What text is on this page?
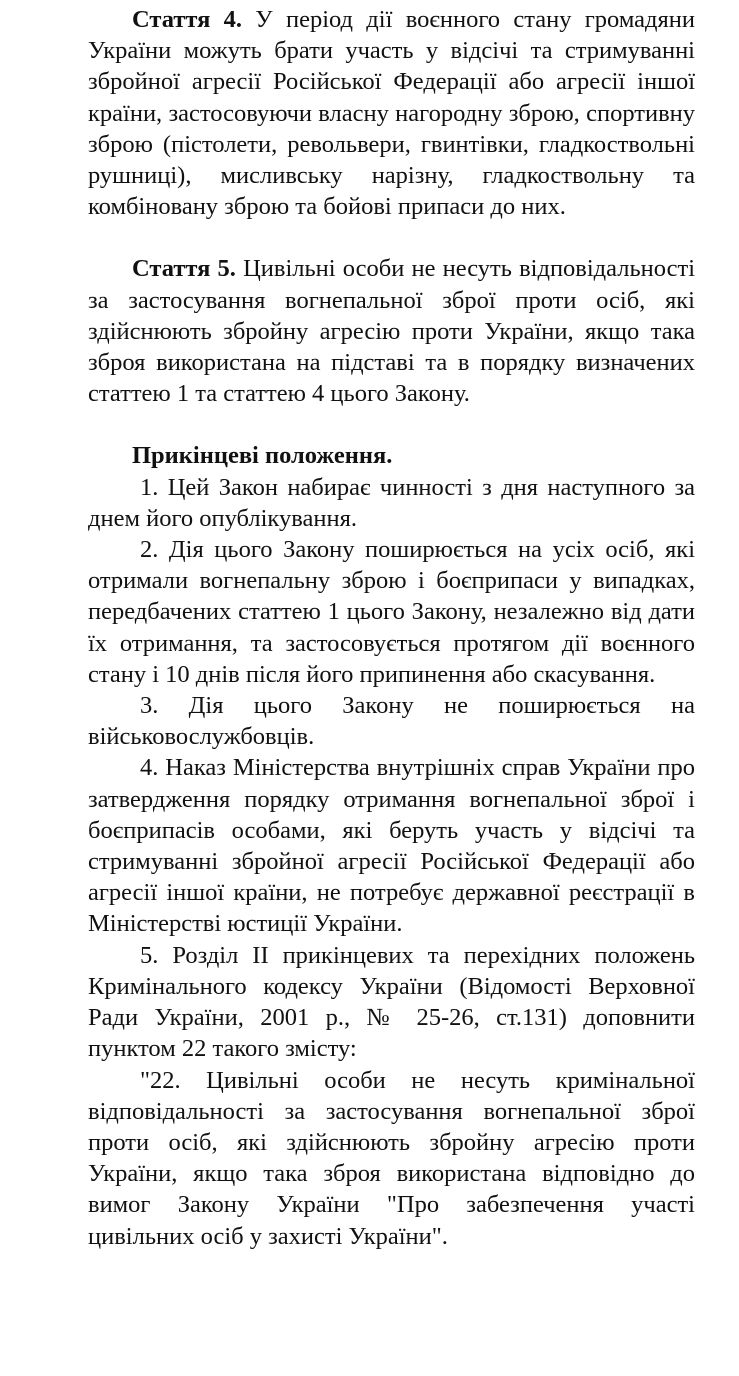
Стаття 4. У період дії воєнного стану громадяни України можуть брати участь у відсічі та стримуванні збройної агресії Російської Федерації або агресії іншої країни, застосовуючи власну нагородну зброю, спортивну зброю (пістолети, револьвери, гвинтівки, гладкоствольні рушниці), мисливську нарізну, гладкоствольну та комбіновану зброю та бойові припаси до них.

Стаття 5. Цивільні особи не несуть відповідальності за застосування вогнепальної зброї проти осіб, які здійснюють збройну агресію проти України, якщо така зброя використана на підставі та в порядку визначених статтею 1 та статтею 4 цього Закону.

Прикінцеві положення.

1. Цей Закон набирає чинності з дня наступного за днем його опублікування.

2. Дія цього Закону поширюється на усіх осіб, які отримали вогнепальну зброю і боєприпаси у випадках, передбачених статтею 1 цього Закону, незалежно від дати їх отримання, та застосовується протягом дії воєнного стану і 10 днів після його припинення або скасування.

3. Дія цього Закону не поширюється на військовослужбовців.

4. Наказ Міністерства внутрішніх справ України про затвердження порядку отримання вогнепальної зброї і боєприпасів особами, які беруть участь у відсічі та стримуванні збройної агресії Російської Федерації або агресії іншої країни, не потребує державної реєстрації в Міністерстві юстиції України.

5. Розділ ІІ прикінцевих та перехідних положень Кримінального кодексу України (Відомості Верховної Ради України, 2001 р., № 25-26, ст.131) доповнити пунктом 22 такого змісту:

"22. Цивільні особи не несуть кримінальної відповідальності за застосування вогнепальної зброї проти осіб, які здійснюють збройну агресію проти України, якщо така зброя використана відповідно до вимог Закону України "Про забезпечення участі цивільних осіб у захисті України".
